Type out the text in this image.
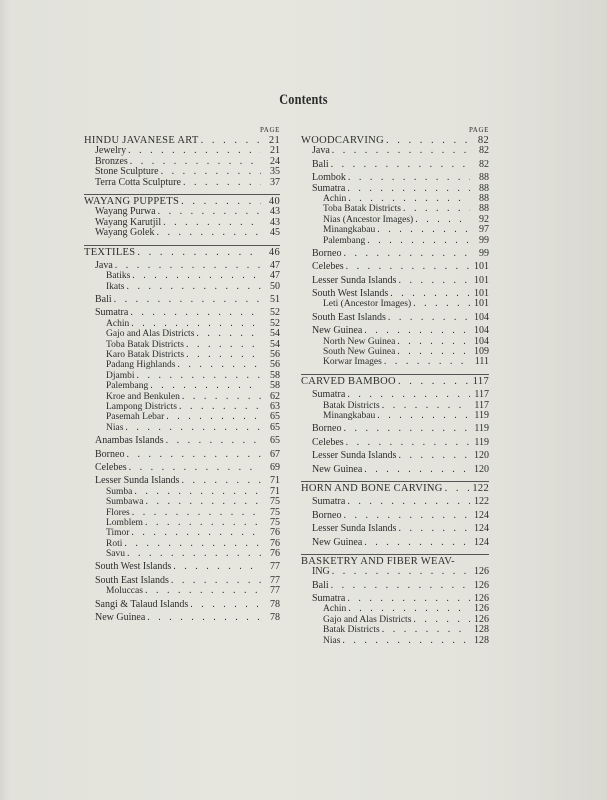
Contents
PAGE
HINDU JAVANESE ART . . .	21
Jewelry . . .	21
Bronzes . . .	24
Stone Sculpture . . .	35
Terra Cotta Sculpture . . .	37
WAYANG PUPPETS . . .	40
Wayang Purwa . . .	43
Wayang Karutjil . . .	43
Wayang Golek . . .	45
TEXTILES . . .	46
Java . . .	47
Batiks . . .	47
Ikats . . .	50
Bali . . .	51
Sumatra . . .	52
Achin . . .	52
Gajo and Alas Districts . . .	54
Toba Batak Districts . . .	54
Karo Batak Districts . . .	56
Padang Highlands . . .	56
Djambi . . .	58
Palembang . . .	58
Kroe and Benkulen . . .	62
Lampong Districts . . .	63
Pasemah Lebar . . .	65
Nias . . .	65
Anambas Islands . . .	65
Borneo . . .	67
Celebes . . .	69
Lesser Sunda Islands . . .	71
Sumba . . .	71
Sumbawa . . .	75
Flores . . .	75
Lomblem . . .	75
Timor . . .	76
Roti . . .	76
Savu . . .	76
South West Islands . . .	77
South East Islands . . .	77
Moluccas . . .	77
Sangi & Talaud Islands . . .	78
New Guinea . . .	78
PAGE
WOODCARVING . . .	82
Java . . .	82
Bali . . .	82
Lombok . . .	88
Sumatra . . .	88
Achin . . .	88
Toba Batak Districts . . .	88
Nias (Ancestor Images) . . .	92
Minangkabau . . .	97
Palembang . . .	99
Borneo . . .	99
Celebes . . .	101
Lesser Sunda Islands . . .	101
South West Islands . . .	101
Leti (Ancestor Images) . . .	101
South East Islands . . .	104
New Guinea . . .	104
North New Guinea . . .	104
South New Guinea . . .	109
Korwar Images . . .	111
CARVED BAMBOO . . .	117
Sumatra . . .	117
Batak Districts . . .	117
Minangkabau . . .	119
Borneo . . .	119
Celebes . . .	119
Lesser Sunda Islands . . .	120
New Guinea . . .	120
HORN AND BONE CARVING . . .	122
Sumatra . . .	122
Borneo . . .	124
Lesser Sunda Islands . . .	124
New Guinea . . .	124
BASKETRY AND FIBER WEAV-
ING . . .	126
Bali . . .	126
Sumatra . . .	126
Achin . . .	126
Gajo and Alas Districts . . .	126
Batak Districts . . .	128
Nias . . .	128
